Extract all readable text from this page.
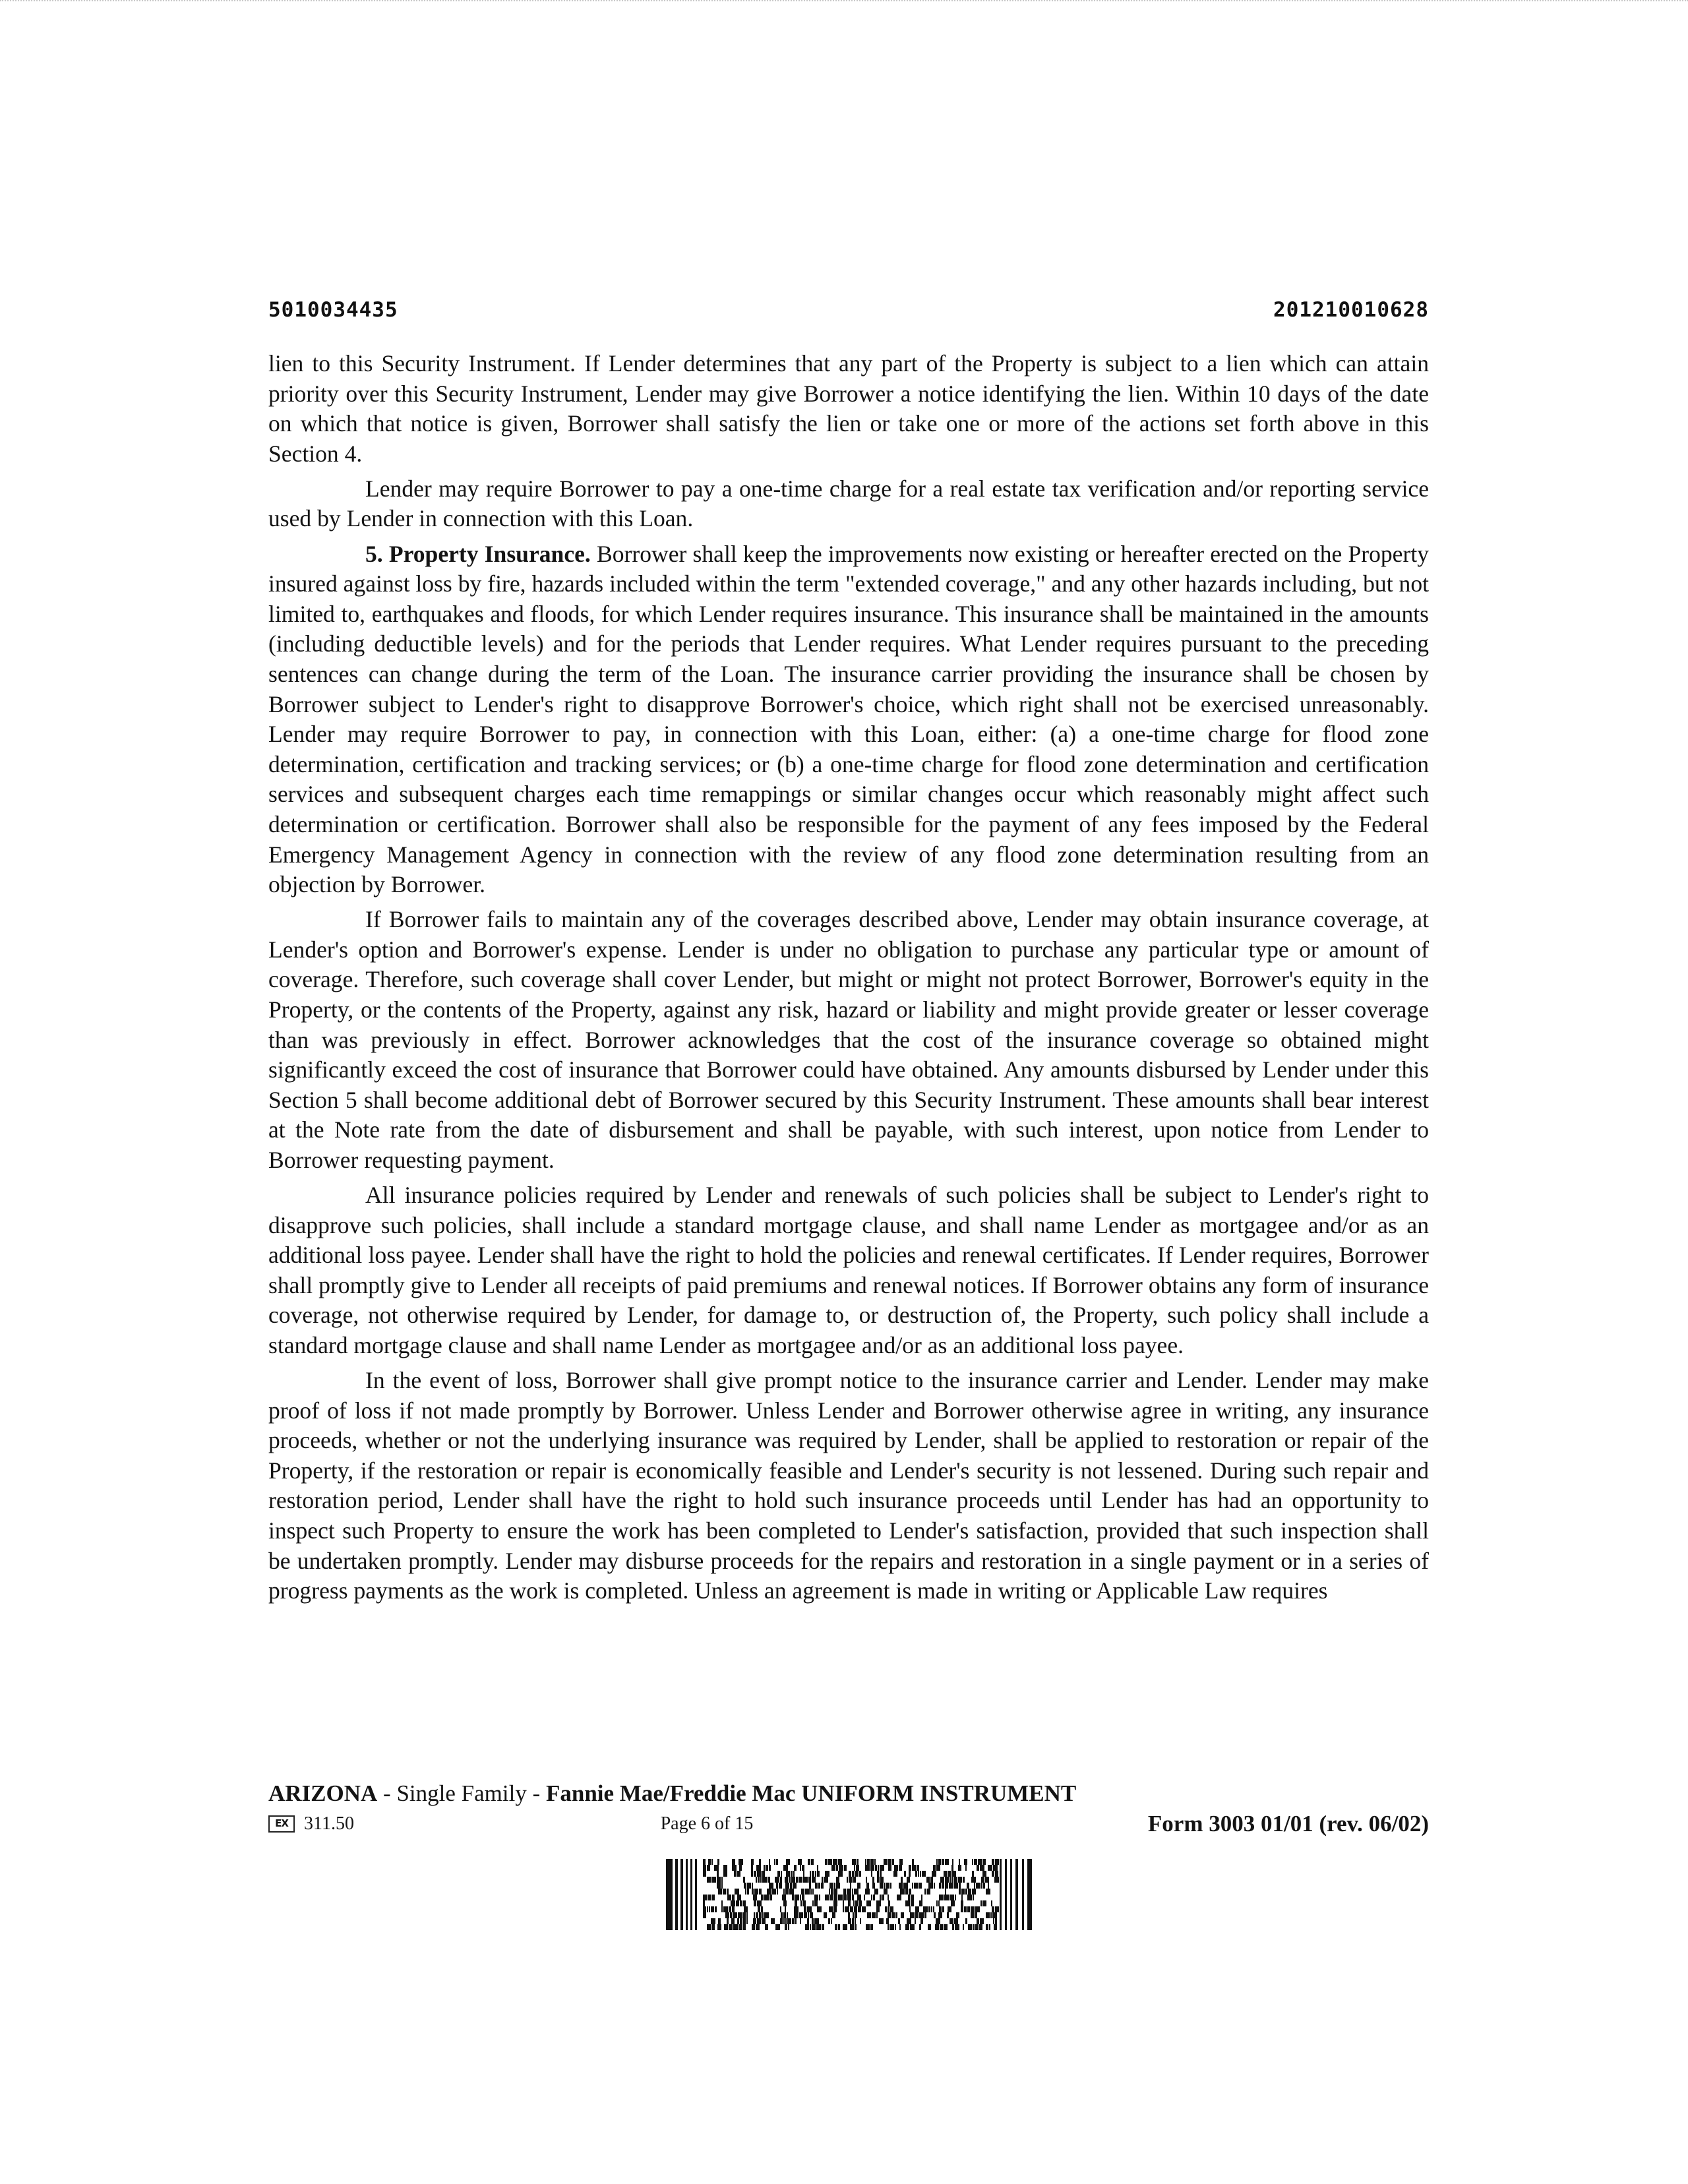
5010034435	201210010628

lien to this Security Instrument. If Lender determines that any part of the Property is subject to a lien which can attain priority over this Security Instrument, Lender may give Borrower a notice identifying the lien. Within 10 days of the date on which that notice is given, Borrower shall satisfy the lien or take one or more of the actions set forth above in this Section 4.

Lender may require Borrower to pay a one-time charge for a real estate tax verification and/or reporting service used by Lender in connection with this Loan.

5. Property Insurance. Borrower shall keep the improvements now existing or hereafter erected on the Property insured against loss by fire, hazards included within the term "extended coverage," and any other hazards including, but not limited to, earthquakes and floods, for which Lender requires insurance. This insurance shall be maintained in the amounts (including deductible levels) and for the periods that Lender requires. What Lender requires pursuant to the preceding sentences can change during the term of the Loan. The insurance carrier providing the insurance shall be chosen by Borrower subject to Lender's right to disapprove Borrower's choice, which right shall not be exercised unreasonably. Lender may require Borrower to pay, in connection with this Loan, either: (a) a one-time charge for flood zone determination, certification and tracking services; or (b) a one-time charge for flood zone determination and certification services and subsequent charges each time remappings or similar changes occur which reasonably might affect such determination or certification. Borrower shall also be responsible for the payment of any fees imposed by the Federal Emergency Management Agency in connection with the review of any flood zone determination resulting from an objection by Borrower.

If Borrower fails to maintain any of the coverages described above, Lender may obtain insurance coverage, at Lender's option and Borrower's expense. Lender is under no obligation to purchase any particular type or amount of coverage. Therefore, such coverage shall cover Lender, but might or might not protect Borrower, Borrower's equity in the Property, or the contents of the Property, against any risk, hazard or liability and might provide greater or lesser coverage than was previously in effect. Borrower acknowledges that the cost of the insurance coverage so obtained might significantly exceed the cost of insurance that Borrower could have obtained. Any amounts disbursed by Lender under this Section 5 shall become additional debt of Borrower secured by this Security Instrument. These amounts shall bear interest at the Note rate from the date of disbursement and shall be payable, with such interest, upon notice from Lender to Borrower requesting payment.

All insurance policies required by Lender and renewals of such policies shall be subject to Lender's right to disapprove such policies, shall include a standard mortgage clause, and shall name Lender as mortgagee and/or as an additional loss payee. Lender shall have the right to hold the policies and renewal certificates. If Lender requires, Borrower shall promptly give to Lender all receipts of paid premiums and renewal notices. If Borrower obtains any form of insurance coverage, not otherwise required by Lender, for damage to, or destruction of, the Property, such policy shall include a standard mortgage clause and shall name Lender as mortgagee and/or as an additional loss payee.

In the event of loss, Borrower shall give prompt notice to the insurance carrier and Lender. Lender may make proof of loss if not made promptly by Borrower. Unless Lender and Borrower otherwise agree in writing, any insurance proceeds, whether or not the underlying insurance was required by Lender, shall be applied to restoration or repair of the Property, if the restoration or repair is economically feasible and Lender's security is not lessened. During such repair and restoration period, Lender shall have the right to hold such insurance proceeds until Lender has had an opportunity to inspect such Property to ensure the work has been completed to Lender's satisfaction, provided that such inspection shall be undertaken promptly. Lender may disburse proceeds for the repairs and restoration in a single payment or in a series of progress payments as the work is completed. Unless an agreement is made in writing or Applicable Law requires

ARIZONA - Single Family - Fannie Mae/Freddie Mac UNIFORM INSTRUMENT
EX 311.50	Page 6 of 15	Form 3003 01/01 (rev. 06/02)
